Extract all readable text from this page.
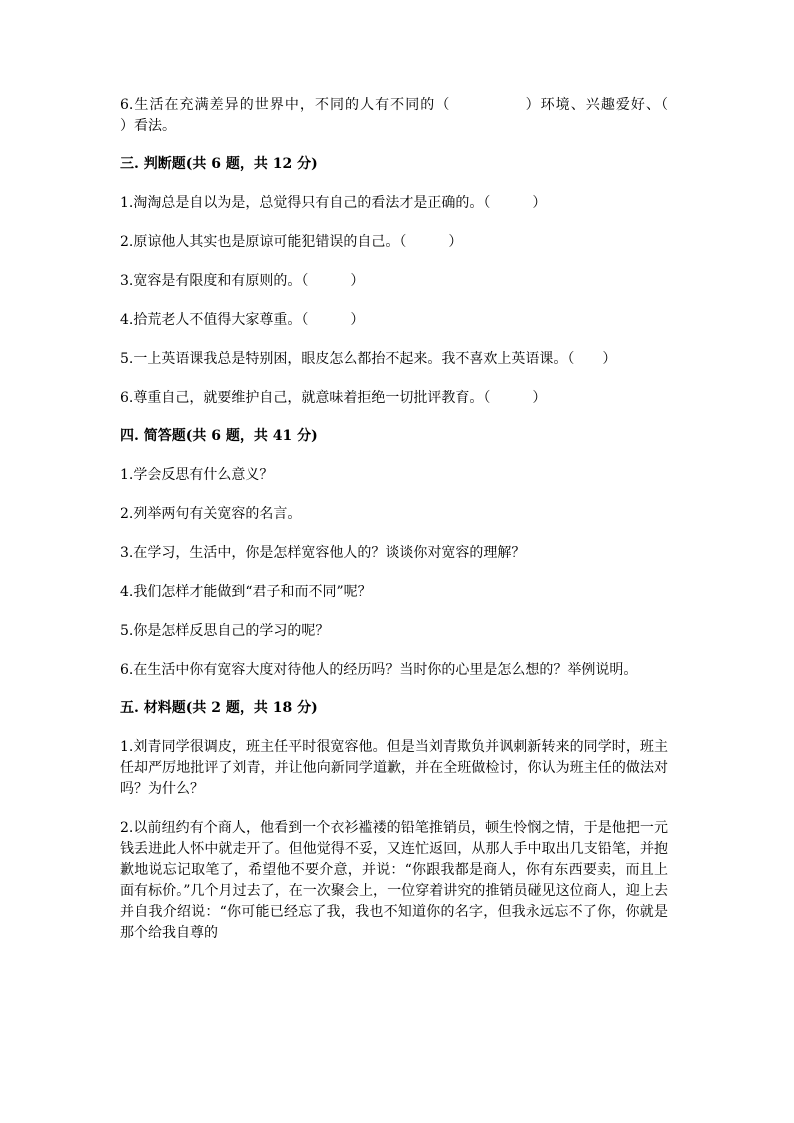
6.生活在充满差异的世界中，不同的人有不同的（　　　　　）环境、兴趣爱好、（　　　　　）看法。

三. 判断题(共 6 题，共 12 分)

1.淘淘总是自以为是，总觉得只有自己的看法才是正确的。（　　　）

2.原谅他人其实也是原谅可能犯错误的自己。（　　　）

3.宽容是有限度和有原则的。（　　　）

4.拾荒老人不值得大家尊重。（　　　）

5.一上英语课我总是特别困，眼皮怎么都抬不起来。我不喜欢上英语课。（　　）

6.尊重自己，就要维护自己，就意味着拒绝一切批评教育。（　　　）

四. 简答题(共 6 题，共 41 分)

1.学会反思有什么意义？

2.列举两句有关宽容的名言。

3.在学习，生活中，你是怎样宽容他人的？谈谈你对宽容的理解？

4.我们怎样才能做到“君子和而不同”呢？

5.你是怎样反思自己的学习的呢？

6.在生活中你有宽容大度对待他人的经历吗？当时你的心里是怎么想的？举例说明。

五. 材料题(共 2 题，共 18 分)

1.刘青同学很调皮，班主任平时很宽容他。但是当刘青欺负并讽刺新转来的同学时，班主任却严厉地批评了刘青，并让他向新同学道歉，并在全班做检讨，你认为班主任的做法对吗？为什么？

2.以前纽约有个商人，他看到一个衣衫褴褛的铅笔推销员，顿生怜悯之情，于是他把一元钱丢进此人怀中就走开了。但他觉得不妥，又连忙返回，从那人手中取出几支铅笔，并抱歉地说忘记取笔了，希望他不要介意，并说：“你跟我都是商人，你有东西要卖，而且上面有标价。”几个月过去了，在一次聚会上，一位穿着讲究的推销员碰见这位商人，迎上去并自我介绍说：“你可能已经忘了我，我也不知道你的名字，但我永远忘不了你，你就是那个给我自尊的
